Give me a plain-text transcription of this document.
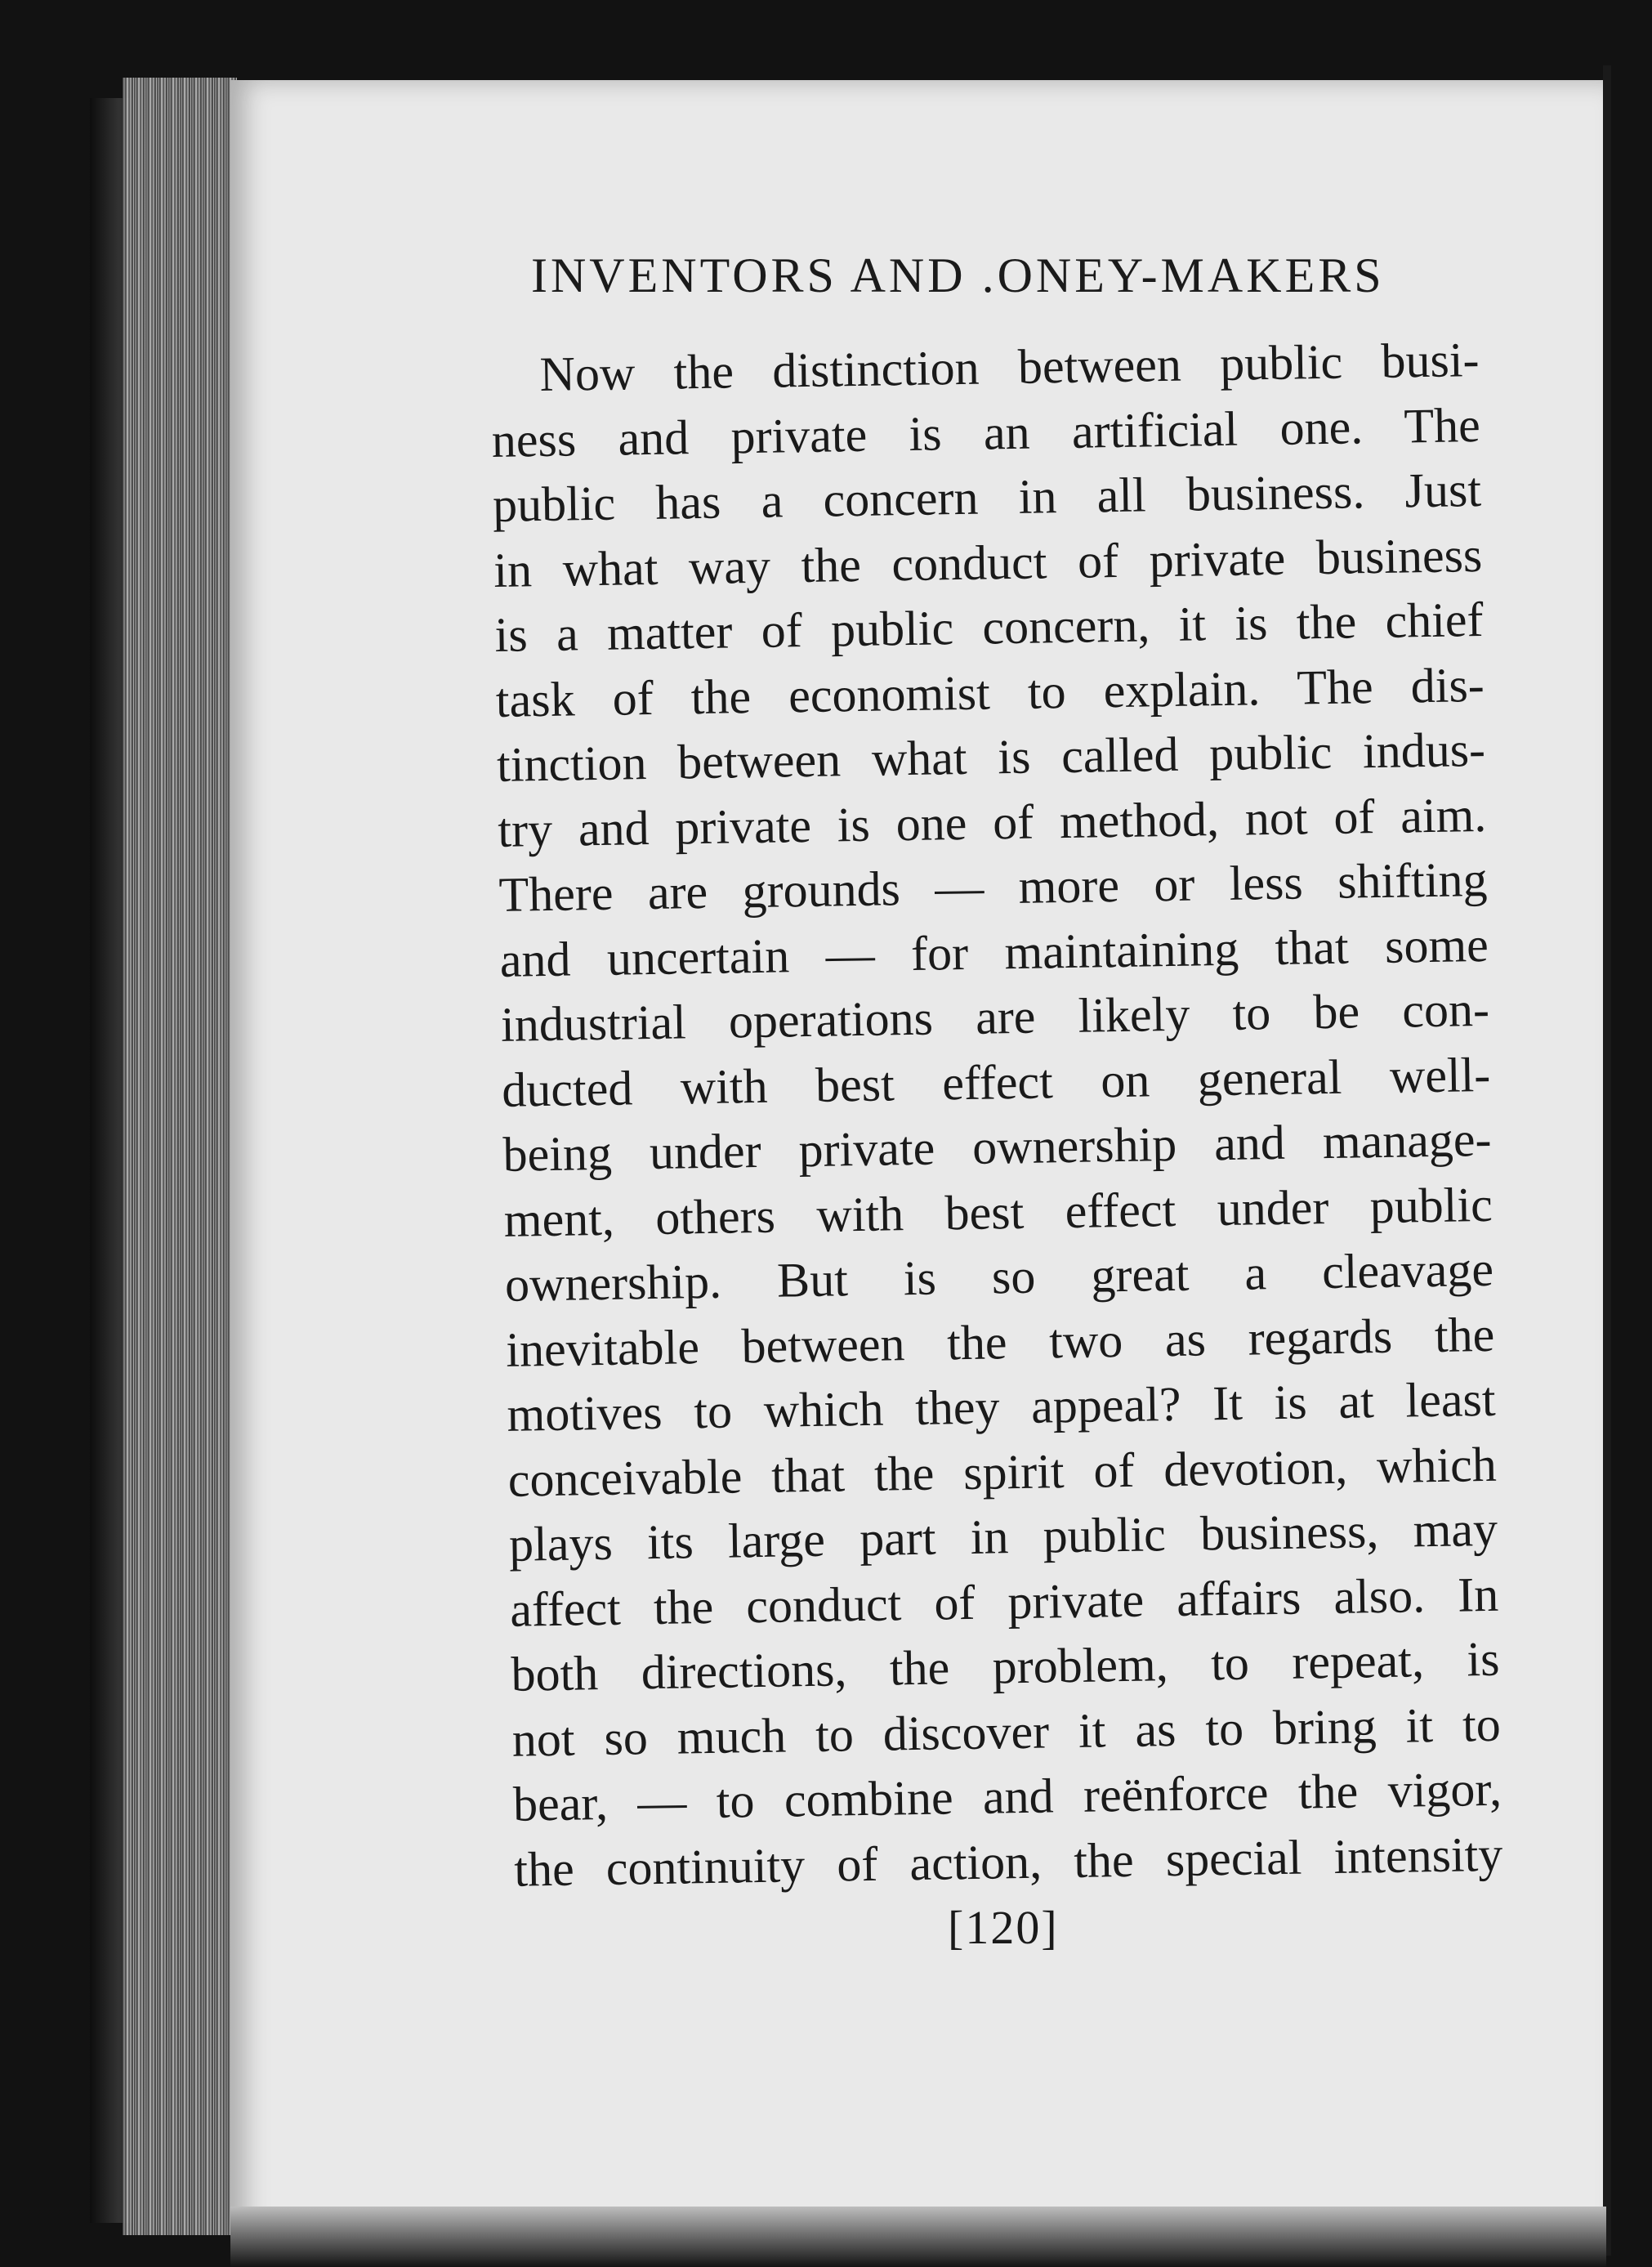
INVENTORS AND .ONEY-MAKERS
Now the distinction between public busi-
ness and private is an artificial one. The
public has a concern in all business. Just
in what way the conduct of private business
is a matter of public concern, it is the chief
task of the economist to explain. The dis-
tinction between what is called public indus-
try and private is one of method, not of aim.
There are grounds — more or less shifting
and uncertain — for maintaining that some
industrial operations are likely to be con-
ducted with best effect on general well-
being under private ownership and manage-
ment, others with best effect under public
ownership. But is so great a cleavage
inevitable between the two as regards the
motives to which they appeal? It is at least
conceivable that the spirit of devotion, which
plays its large part in public business, may
affect the conduct of private affairs also. In
both directions, the problem, to repeat, is
not so much to discover it as to bring it to
bear, — to combine and reënforce the vigor,
the continuity of action, the special intensity
[120]
